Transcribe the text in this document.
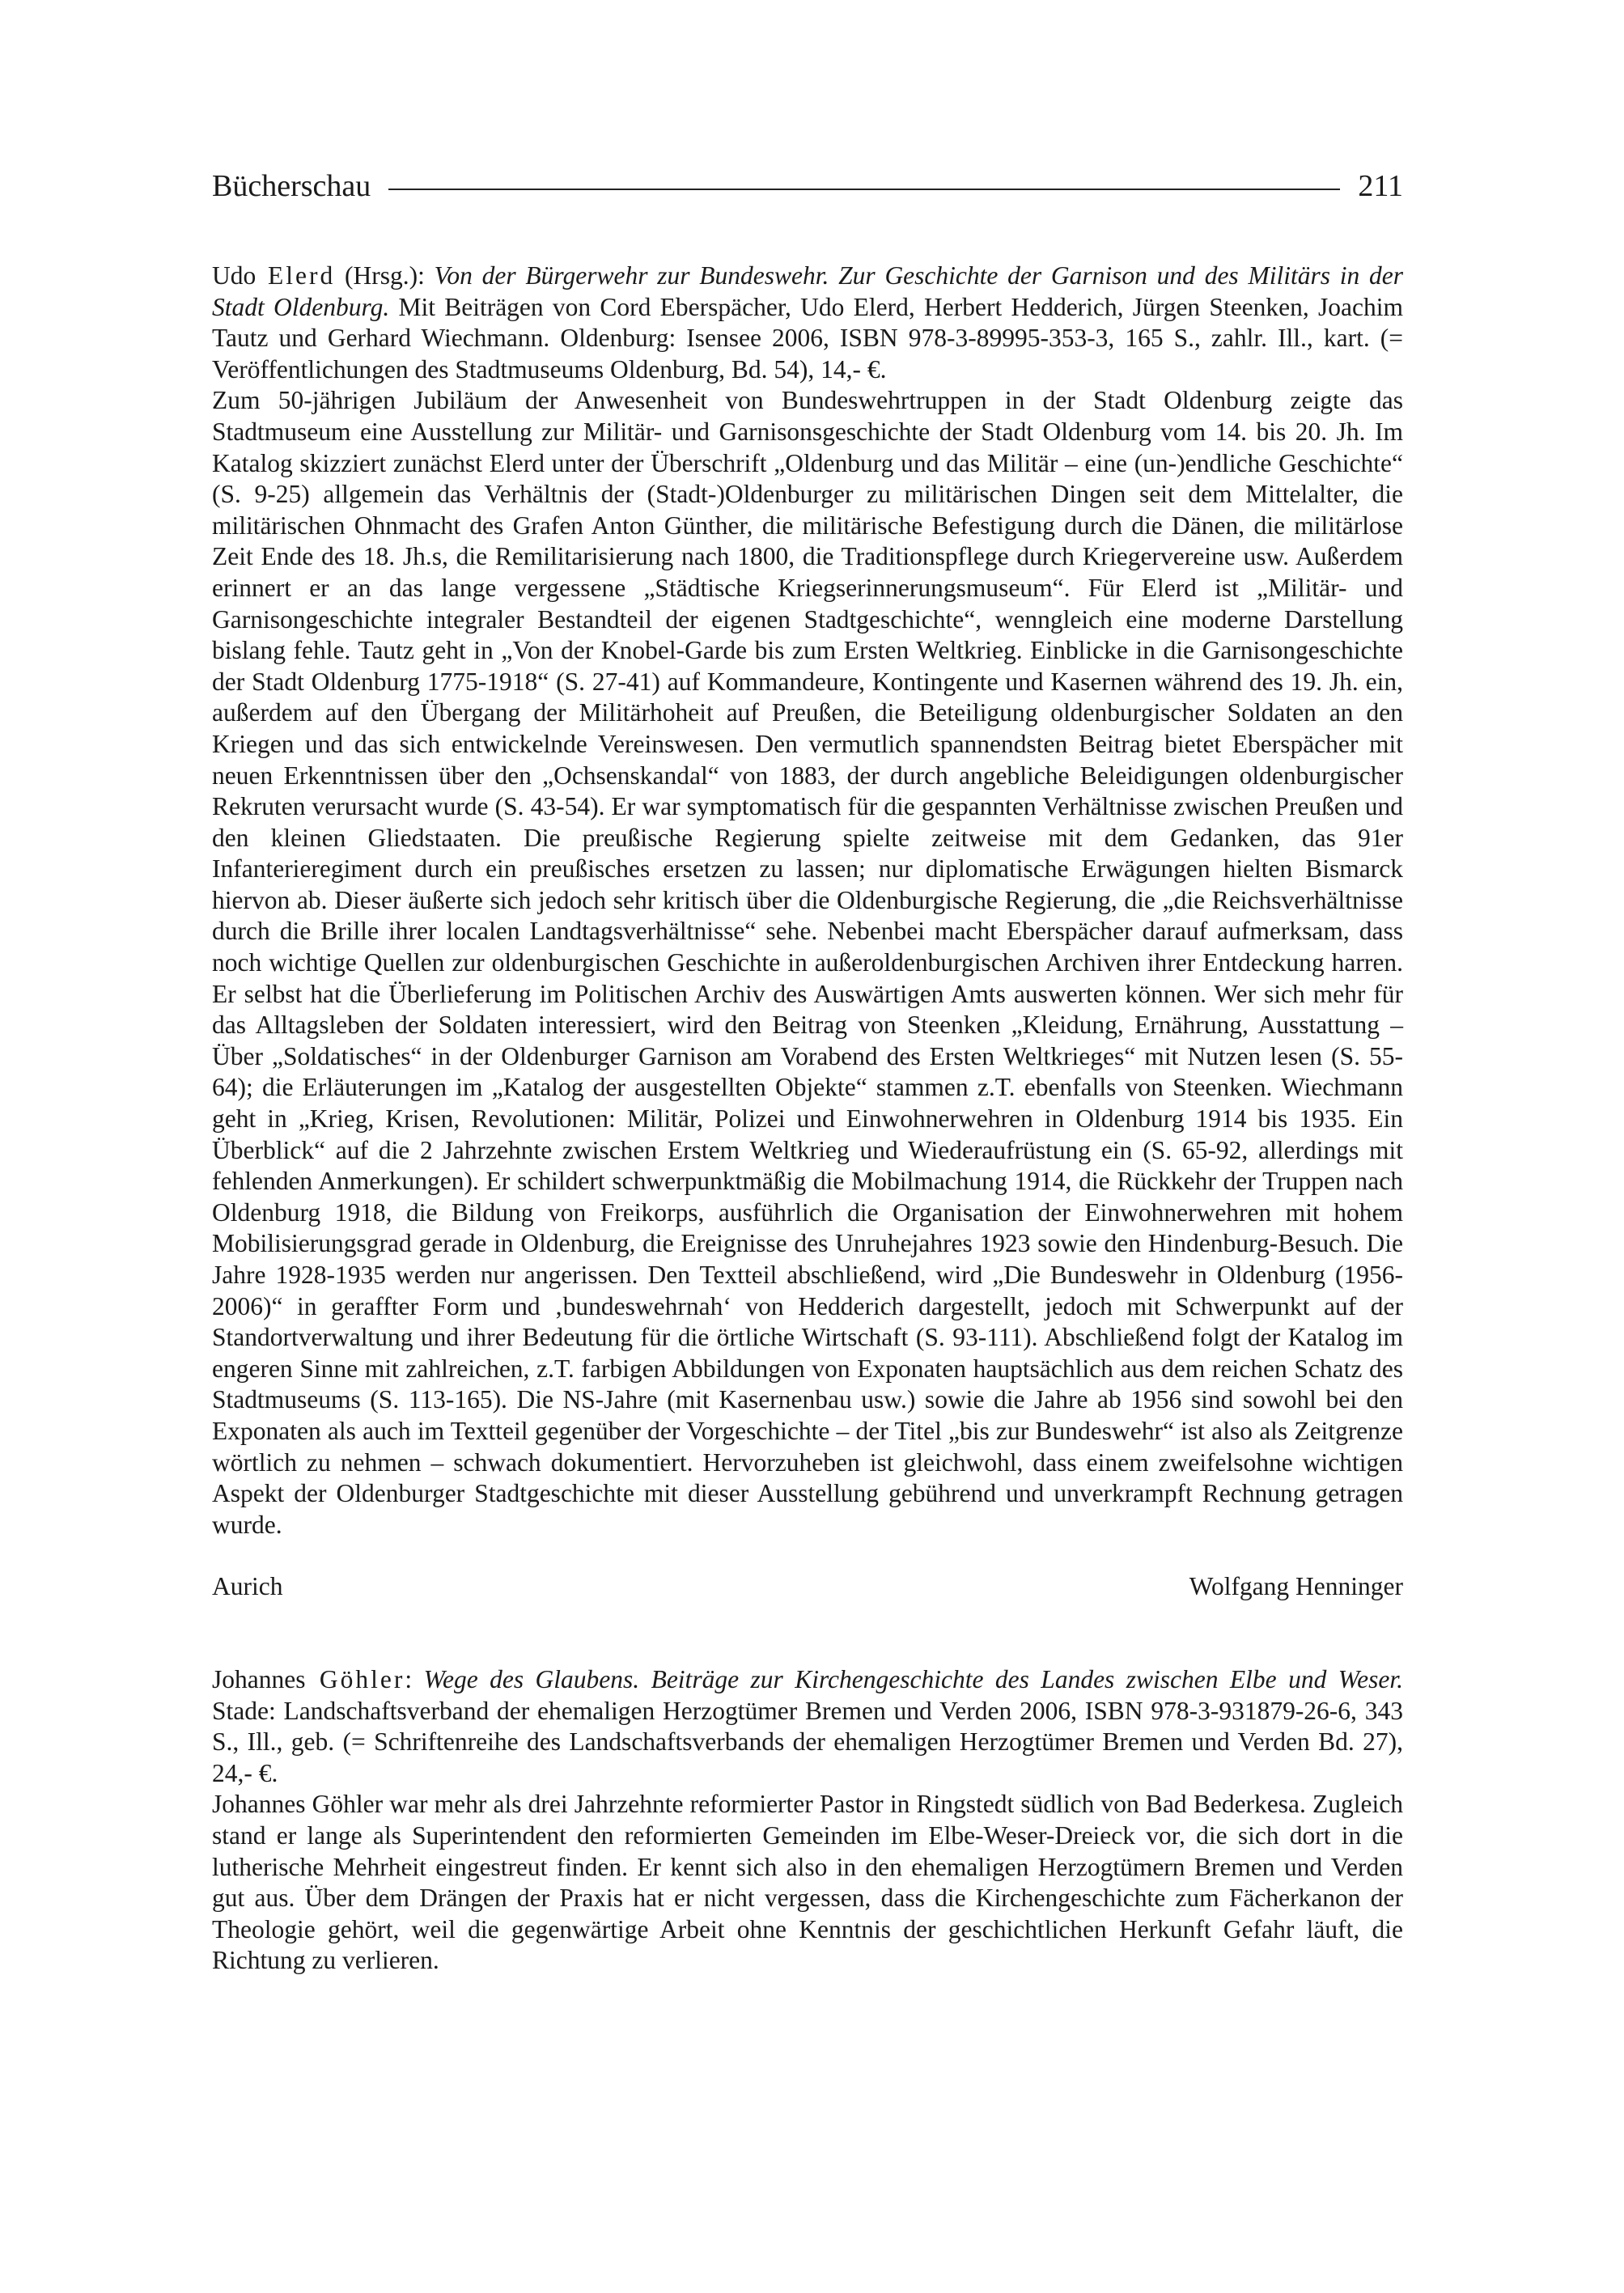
Bücherschau	211

Udo Elerd (Hrsg.): Von der Bürgerwehr zur Bundeswehr. Zur Geschichte der Garnison und des Militärs in der Stadt Oldenburg. Mit Beiträgen von Cord Eberspächer, Udo Elerd, Herbert Hedderich, Jürgen Steenken, Joachim Tautz und Gerhard Wiechmann. Oldenburg: Isensee 2006, ISBN 978-3-89995-353-3, 165 S., zahlr. Ill., kart. (= Veröffentlichungen des Stadtmuseums Oldenburg, Bd. 54), 14,- €.

Zum 50-jährigen Jubiläum der Anwesenheit von Bundeswehrtruppen in der Stadt Oldenburg zeigte das Stadtmuseum eine Ausstellung zur Militär- und Garnisonsgeschichte der Stadt Oldenburg vom 14. bis 20. Jh. Im Katalog skizziert zunächst Elerd unter der Überschrift „Oldenburg und das Militär – eine (un-)endliche Geschichte“ (S. 9-25) allgemein das Verhältnis der (Stadt-)Oldenburger zu militärischen Dingen seit dem Mittelalter, die militärischen Ohnmacht des Grafen Anton Günther, die militärische Befestigung durch die Dänen, die militärlose Zeit Ende des 18. Jh.s, die Remilitarisierung nach 1800, die Traditionspflege durch Kriegervereine usw. Außerdem erinnert er an das lange vergessene „Städtische Kriegserinnerungsmuseum“. Für Elerd ist „Militär- und Garnisongeschichte integraler Bestandteil der eigenen Stadtgeschichte“, wenngleich eine moderne Darstellung bislang fehle. Tautz geht in „Von der Knobel-Garde bis zum Ersten Weltkrieg. Einblicke in die Garnisongeschichte der Stadt Oldenburg 1775-1918“ (S. 27-41) auf Kommandeure, Kontingente und Kasernen während des 19. Jh. ein, außerdem auf den Übergang der Militärhoheit auf Preußen, die Beteiligung oldenburgischer Soldaten an den Kriegen und das sich entwickelnde Vereinswesen. Den vermutlich spannendsten Beitrag bietet Eberspächer mit neuen Erkenntnissen über den „Ochsenskandal“ von 1883, der durch angebliche Beleidigungen oldenburgischer Rekruten verursacht wurde (S. 43-54). Er war symptomatisch für die gespannten Verhältnisse zwischen Preußen und den kleinen Gliedstaaten. Die preußische Regierung spielte zeitweise mit dem Gedanken, das 91er Infanterieregiment durch ein preußisches ersetzen zu lassen; nur diplomatische Erwägungen hielten Bismarck hiervon ab. Dieser äußerte sich jedoch sehr kritisch über die Oldenburgische Regierung, die „die Reichsverhältnisse durch die Brille ihrer localen Landtagsverhältnisse“ sehe. Nebenbei macht Eberspächer darauf aufmerksam, dass noch wichtige Quellen zur oldenburgischen Geschichte in außeroldenburgischen Archiven ihrer Entdeckung harren. Er selbst hat die Überlieferung im Politischen Archiv des Auswärtigen Amts auswerten können. Wer sich mehr für das Alltagsleben der Soldaten interessiert, wird den Beitrag von Steenken „Kleidung, Ernährung, Ausstattung – Über „Soldatisches“ in der Oldenburger Garnison am Vorabend des Ersten Weltkrieges“ mit Nutzen lesen (S. 55-64); die Erläuterungen im „Katalog der ausgestellten Objekte“ stammen z.T. ebenfalls von Steenken. Wiechmann geht in „Krieg, Krisen, Revolutionen: Militär, Polizei und Einwohnerwehren in Oldenburg 1914 bis 1935. Ein Überblick“ auf die 2 Jahrzehnte zwischen Erstem Weltkrieg und Wiederaufrüstung ein (S. 65-92, allerdings mit fehlenden Anmerkungen). Er schildert schwerpunktmäßig die Mobilmachung 1914, die Rückkehr der Truppen nach Oldenburg 1918, die Bildung von Freikorps, ausführlich die Organisation der Einwohnerwehren mit hohem Mobilisierungsgrad gerade in Oldenburg, die Ereignisse des Unruhejahres 1923 sowie den Hindenburg-Besuch. Die Jahre 1928-1935 werden nur angerissen. Den Textteil abschließend, wird „Die Bundeswehr in Oldenburg (1956-2006)“ in geraffter Form und ‚bundeswehrnah‘ von Hedderich dargestellt, jedoch mit Schwerpunkt auf der Standortverwaltung und ihrer Bedeutung für die örtliche Wirtschaft (S. 93-111). Abschließend folgt der Katalog im engeren Sinne mit zahlreichen, z.T. farbigen Abbildungen von Exponaten hauptsächlich aus dem reichen Schatz des Stadtmuseums (S. 113-165). Die NS-Jahre (mit Kasernenbau usw.) sowie die Jahre ab 1956 sind sowohl bei den Exponaten als auch im Textteil gegenüber der Vorgeschichte – der Titel „bis zur Bundeswehr“ ist also als Zeitgrenze wörtlich zu nehmen – schwach dokumentiert. Hervorzuheben ist gleichwohl, dass einem zweifelsohne wichtigen Aspekt der Oldenburger Stadtgeschichte mit dieser Ausstellung gebührend und unverkrampft Rechnung getragen wurde.

Aurich	Wolfgang Henninger

Johannes Göhler: Wege des Glaubens. Beiträge zur Kirchengeschichte des Landes zwischen Elbe und Weser. Stade: Landschaftsverband der ehemaligen Herzogtümer Bremen und Verden 2006, ISBN 978-3-931879-26-6, 343 S., Ill., geb. (= Schriftenreihe des Landschaftsverbands der ehemaligen Herzogtümer Bremen und Verden Bd. 27), 24,- €.

Johannes Göhler war mehr als drei Jahrzehnte reformierter Pastor in Ringstedt südlich von Bad Bederkesa. Zugleich stand er lange als Superintendent den reformierten Gemeinden im Elbe-Weser-Dreieck vor, die sich dort in die lutherische Mehrheit eingestreut finden. Er kennt sich also in den ehemaligen Herzogtümern Bremen und Verden gut aus. Über dem Drängen der Praxis hat er nicht vergessen, dass die Kirchengeschichte zum Fächerkanon der Theologie gehört, weil die gegenwärtige Arbeit ohne Kenntnis der geschichtlichen Herkunft Gefahr läuft, die Richtung zu verlieren.
